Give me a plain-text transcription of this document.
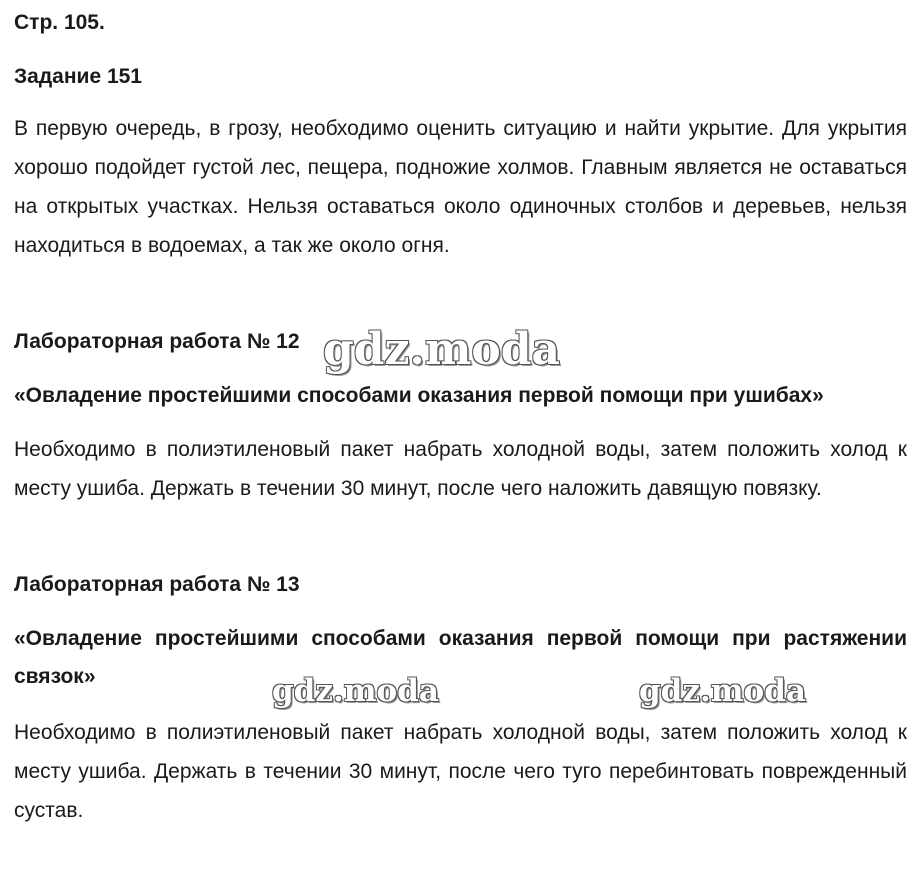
Стр. 105.
Задание 151
В первую очередь, в грозу, необходимо оценить ситуацию и найти укрытие. Для укрытия хорошо подойдет густой лес, пещера, подножие холмов. Главным является не оставаться на открытых участках. Нельзя оставаться около одиночных столбов и деревьев, нельзя находиться в водоемах, а так же около огня.
Лабораторная работа № 12
«Овладение простейшими способами оказания первой помощи при ушибах»
Необходимо в полиэтиленовый пакет набрать холодной воды, затем положить холод к месту ушиба. Держать в течении 30 минут, после чего наложить давящую повязку.
Лабораторная работа № 13
«Овладение простейшими способами оказания первой помощи при растяжении связок»
Необходимо в полиэтиленовый пакет набрать холодной воды, затем положить холод к месту ушиба. Держать в течении 30 минут, после чего туго перебинтовать поврежденный сустав.
gdz.moda
gdz.moda	gdz.moda
